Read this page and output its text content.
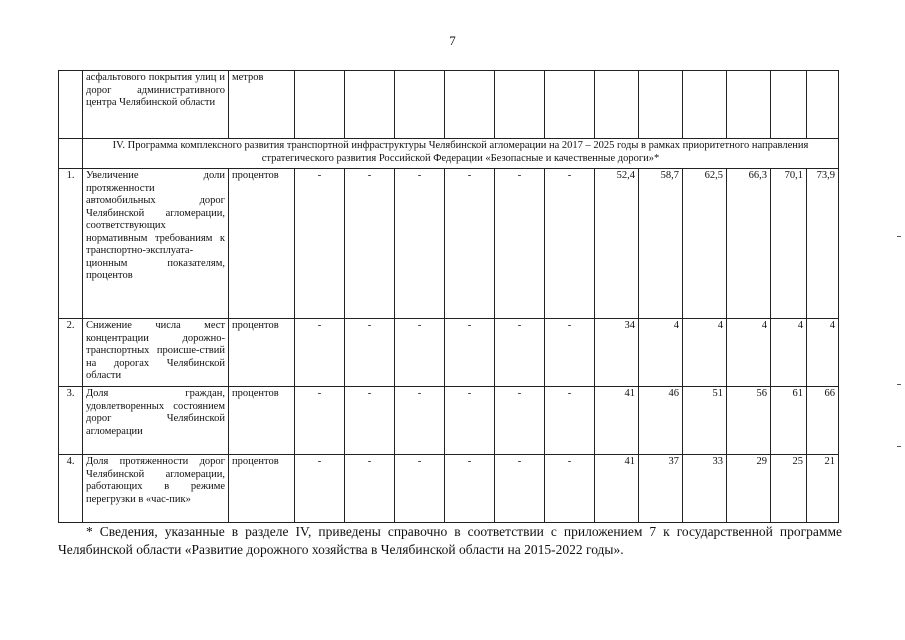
7
	асфальтового покрытия улиц и дорог административного центра Челябинской области	метров												
	IV. Программа комплексного развития транспортной инфраструктуры Челябинской агломерации на 2017 – 2025 годы в рамках приоритетного направления стратегического развития Российской Федерации «Безопасные и качественные дороги»*													
1.	Увеличение доли протяженности автомобильных дорог Челябинской агломерации, соответствующих нормативным требованиям к транспортно-эксплуата-ционным показателям, процентов	процентов	-	-	-	-	-	-	52,4	58,7	62,5	66,3	70,1	73,9
2.	Снижение числа мест концентрации дорожно-транспортных происше-ствий на дорогах Челябинской области	процентов	-	-	-	-	-	-	34	4	4	4	4	4
3.	Доля граждан, удовлетворенных состоянием дорог Челябинской агломерации	процентов	-	-	-	-	-	-	41	46	51	56	61	66
4.	Доля протяженности дорог Челябинской агломерации, работающих в режиме перегрузки в «час-пик»	процентов	-	-	-	-	-	-	41	37	33	29	25	21
* Сведения, указанные в разделе IV, приведены справочно в соответствии с приложением 7 к государственной программе Челябинской области «Развитие дорожного хозяйства в Челябинской области на 2015-2022 годы».
